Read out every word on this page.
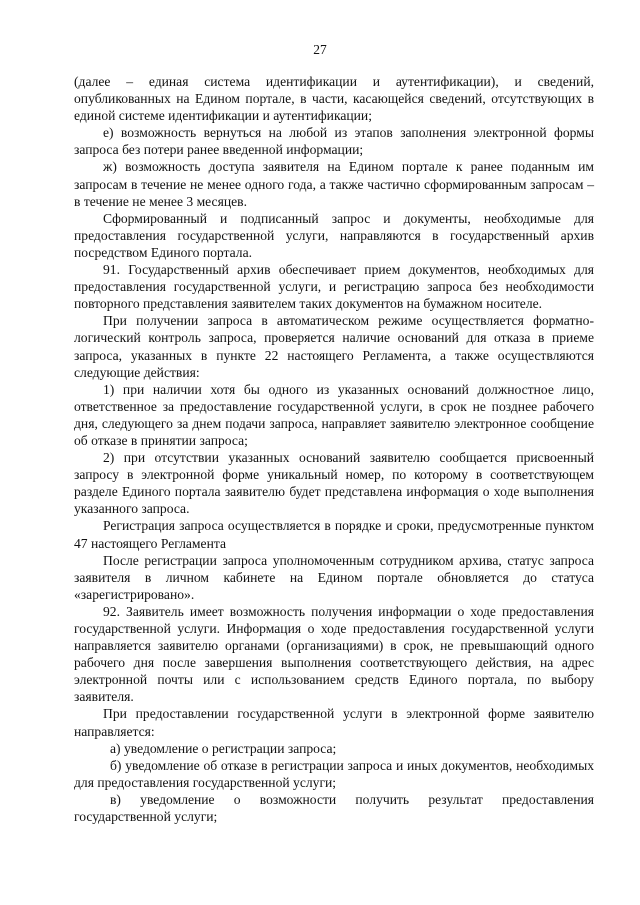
27

(далее – единая система идентификации и аутентификации), и сведений, опубликованных на Едином портале, в части, касающейся сведений, отсутствующих в единой системе идентификации и аутентификации;

е) возможность вернуться на любой из этапов заполнения электронной формы запроса без потери ранее введенной информации;

ж) возможность доступа заявителя на Едином портале к ранее поданным им запросам в течение не менее одного года, а также частично сформированным запросам – в течение не менее 3 месяцев.

Сформированный и подписанный запрос и документы, необходимые для предоставления государственной услуги, направляются в государственный архив посредством Единого портала.

91. Государственный архив обеспечивает прием документов, необходимых для предоставления государственной услуги, и регистрацию запроса без необходимости повторного представления заявителем таких документов на бумажном носителе.

При получении запроса в автоматическом режиме осуществляется форматно-логический контроль запроса, проверяется наличие оснований для отказа в приеме запроса, указанных в пункте 22 настоящего Регламента, а также осуществляются следующие действия:

1) при наличии хотя бы одного из указанных оснований должностное лицо, ответственное за предоставление государственной услуги, в срок не позднее рабочего дня, следующего за днем подачи запроса, направляет заявителю электронное сообщение об отказе в принятии запроса;

2) при отсутствии указанных оснований заявителю сообщается присвоенный запросу в электронной форме уникальный номер, по которому в соответствующем разделе Единого портала заявителю будет представлена информация о ходе выполнения указанного запроса.

Регистрация запроса осуществляется в порядке и сроки, предусмотренные пунктом 47 настоящего Регламента

После регистрации запроса уполномоченным сотрудником архива, статус запроса заявителя в личном кабинете на Едином портале обновляется до статуса «зарегистрировано».

92. Заявитель имеет возможность получения информации о ходе предоставления государственной услуги. Информация о ходе предоставления государственной услуги направляется заявителю органами (организациями) в срок, не превышающий одного рабочего дня после завершения выполнения соответствующего действия, на адрес электронной почты или с использованием средств Единого портала, по выбору заявителя.

При предоставлении государственной услуги в электронной форме заявителю направляется:

а) уведомление о регистрации запроса;

б) уведомление об отказе в регистрации запроса и иных документов, необходимых для предоставления государственной услуги;

в) уведомление о возможности получить результат предоставления государственной услуги;
